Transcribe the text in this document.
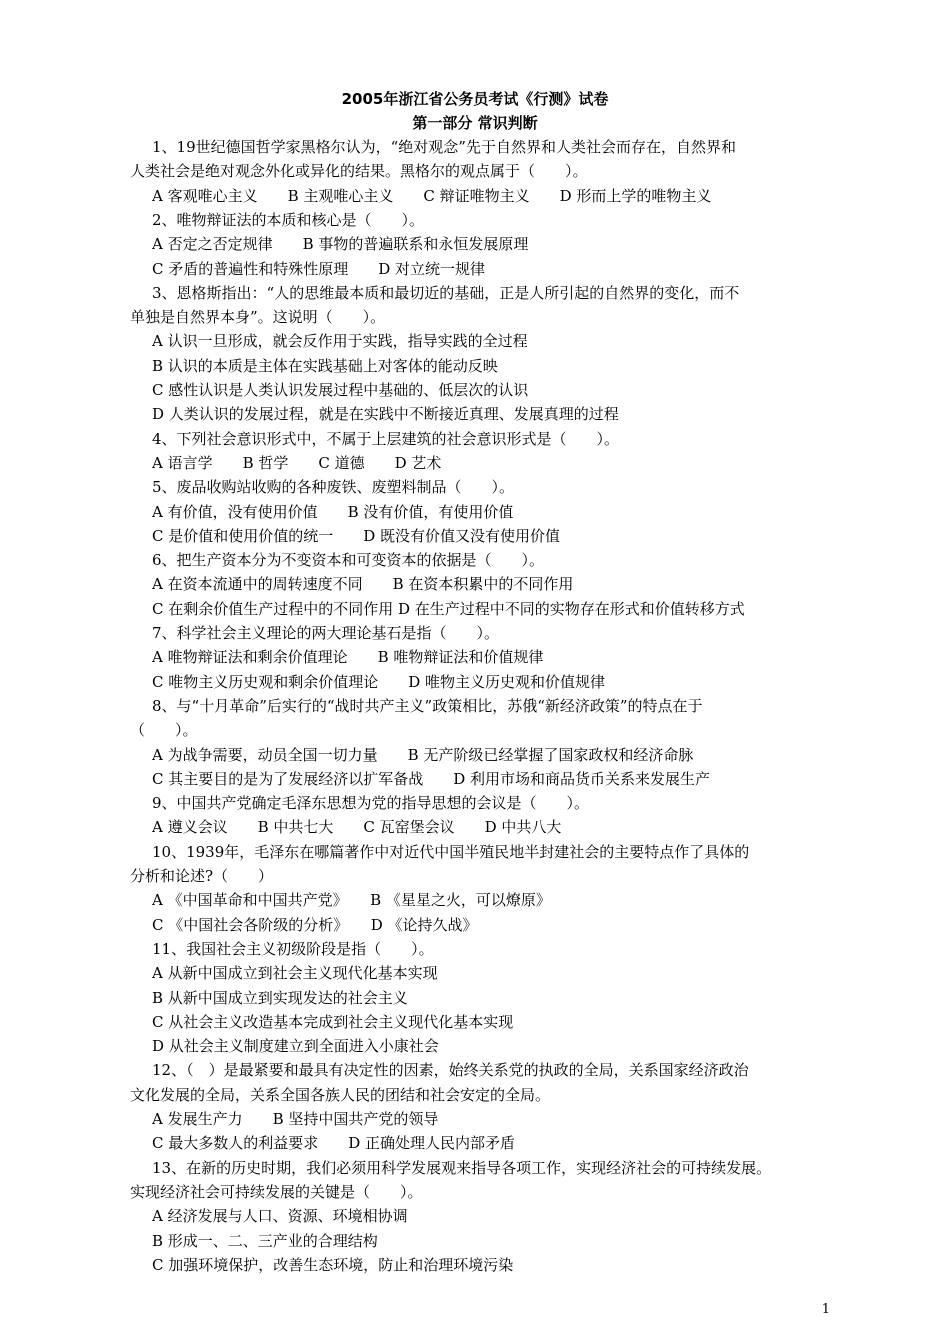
2005年浙江省公务员考试《行测》试卷
第一部分 常识判断
1、19世纪德国哲学家黑格尔认为，“绝对观念”先于自然界和人类社会而存在，自然界和
人类社会是绝对观念外化或异化的结果。黑格尔的观点属于（　　）。
A 客观唯心主义　　B 主观唯心主义　　C 辩证唯物主义　　D 形而上学的唯物主义
2、唯物辩证法的本质和核心是（　　）。
A 否定之否定规律　　B 事物的普遍联系和永恒发展原理
C 矛盾的普遍性和特殊性原理　　D 对立统一规律
3、恩格斯指出：“人的思维最本质和最切近的基础，正是人所引起的自然界的变化，而不
单独是自然界本身”。这说明（　　）。
A 认识一旦形成，就会反作用于实践，指导实践的全过程
B 认识的本质是主体在实践基础上对客体的能动反映
C 感性认识是人类认识发展过程中基础的、低层次的认识
D 人类认识的发展过程，就是在实践中不断接近真理、发展真理的过程
4、下列社会意识形式中，不属于上层建筑的社会意识形式是（　　）。
A 语言学　　B 哲学　　C 道德　　D 艺术
5、废品收购站收购的各种废铁、废塑料制品（　　）。
A 有价值，没有使用价值　　B 没有价值，有使用价值
C 是价值和使用价值的统一　　D 既没有价值又没有使用价值
6、把生产资本分为不变资本和可变资本的依据是（　　）。
A 在资本流通中的周转速度不同　　B 在资本积累中的不同作用
C 在剩余价值生产过程中的不同作用 D 在生产过程中不同的实物存在形式和价值转移方式
7、科学社会主义理论的两大理论基石是指（　　）。
A 唯物辩证法和剩余价值理论　　B 唯物辩证法和价值规律
C 唯物主义历史观和剩余价值理论　　D 唯物主义历史观和价值规律
8、与“十月革命”后实行的“战时共产主义”政策相比，苏俄“新经济政策”的特点在于
（　　）。
A 为战争需要，动员全国一切力量　　B 无产阶级已经掌握了国家政权和经济命脉
C 其主要目的是为了发展经济以扩军备战　　D 利用市场和商品货币关系来发展生产
9、中国共产党确定毛泽东思想为党的指导思想的会议是（　　）。
A 遵义会议　　B 中共七大　　C 瓦窑堡会议　　D 中共八大
10、1939年，毛泽东在哪篇著作中对近代中国半殖民地半封建社会的主要特点作了具体的
分析和论述?（　　）
A 《中国革命和中国共产党》　　B 《星星之火，可以燎原》
C 《中国社会各阶级的分析》　　D 《论持久战》
11、我国社会主义初级阶段是指（　　）。
A 从新中国成立到社会主义现代化基本实现
B 从新中国成立到实现发达的社会主义
C 从社会主义改造基本完成到社会主义现代化基本实现
D 从社会主义制度建立到全面进入小康社会
12、（　）是最紧要和最具有决定性的因素，始终关系党的执政的全局，关系国家经济政治
文化发展的全局，关系全国各族人民的团结和社会安定的全局。
A 发展生产力　　B 坚持中国共产党的领导
C 最大多数人的利益要求　　D 正确处理人民内部矛盾
13、在新的历史时期，我们必须用科学发展观来指导各项工作，实现经济社会的可持续发展。
实现经济社会可持续发展的关键是（　　）。
A 经济发展与人口、资源、环境相协调
B 形成一、二、三产业的合理结构
C 加强环境保护，改善生态环境，防止和治理环境污染
1
